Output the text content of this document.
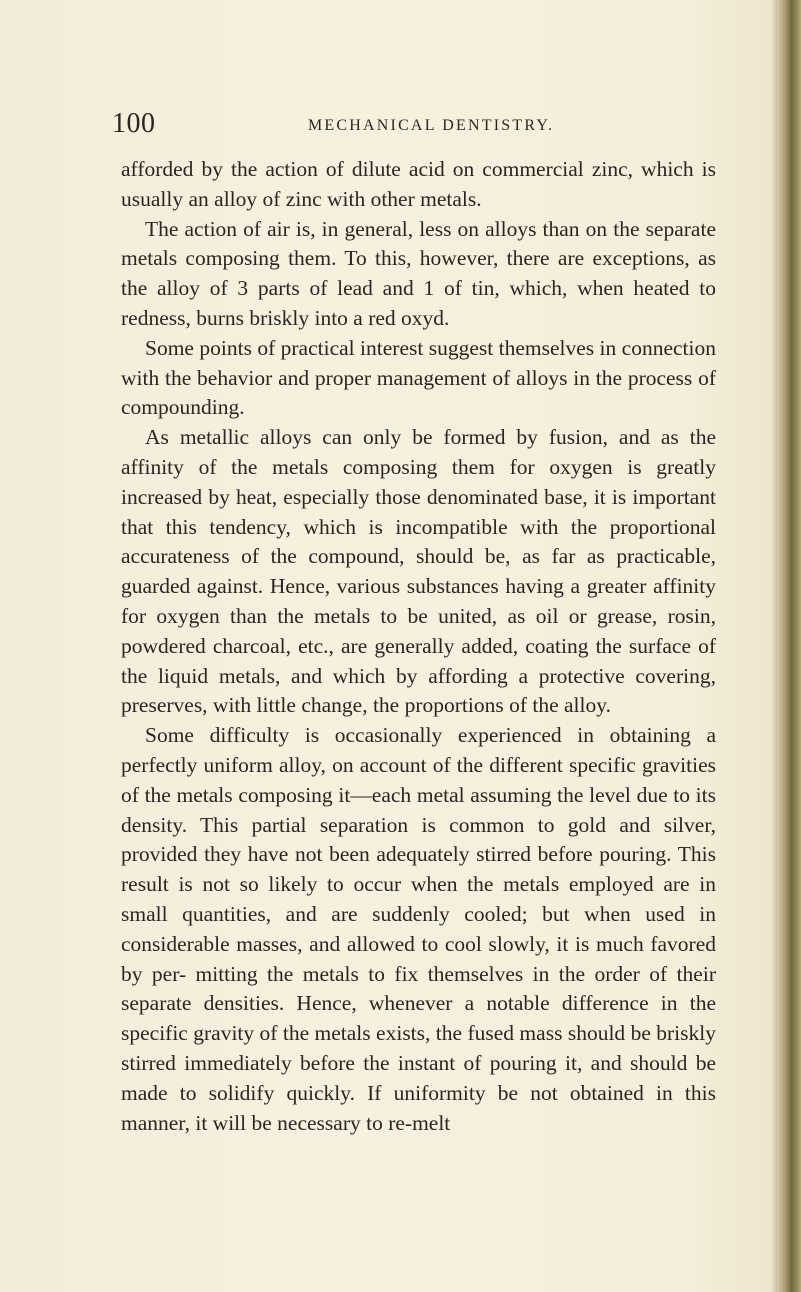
100	MECHANICAL DENTISTRY.

afforded by the action of dilute acid on commercial zinc, which is usually an alloy of zinc with other metals.

The action of air is, in general, less on alloys than on the separate metals composing them. To this, however, there are exceptions, as the alloy of 3 parts of lead and 1 of tin, which, when heated to redness, burns briskly into a red oxyd.

Some points of practical interest suggest themselves in connection with the behavior and proper management of alloys in the process of compounding.

As metallic alloys can only be formed by fusion, and as the affinity of the metals composing them for oxygen is greatly increased by heat, especially those denominated base, it is important that this tendency, which is incompatible with the proportional accurateness of the compound, should be, as far as practicable, guarded against. Hence, various substances having a greater affinity for oxygen than the metals to be united, as oil or grease, rosin, powdered charcoal, etc., are generally added, coating the surface of the liquid metals, and which by affording a protective covering, preserves, with little change, the proportions of the alloy.

Some difficulty is occasionally experienced in obtaining a perfectly uniform alloy, on account of the different specific gravities of the metals composing it—each metal assuming the level due to its density. This partial separation is common to gold and silver, provided they have not been adequately stirred before pouring. This result is not so likely to occur when the metals employed are in small quantities, and are suddenly cooled; but when used in considerable masses, and allowed to cool slowly, it is much favored by per- mitting the metals to fix themselves in the order of their separate densities. Hence, whenever a notable difference in the specific gravity of the metals exists, the fused mass should be briskly stirred immediately before the instant of pouring it, and should be made to solidify quickly. If uniformity be not obtained in this manner, it will be necessary to re-melt
